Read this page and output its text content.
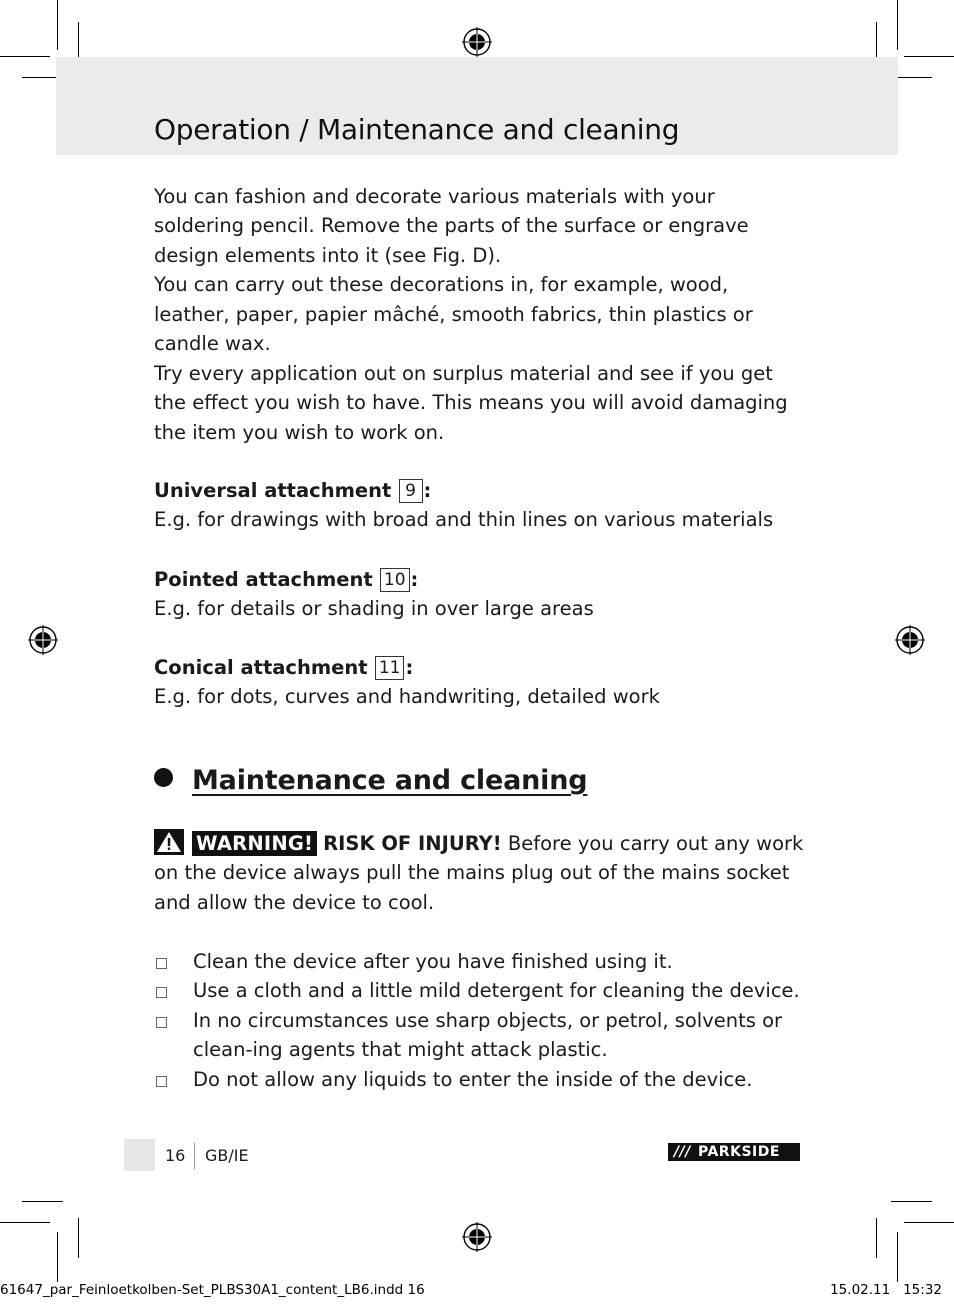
Operation / Maintenance and cleaning

You can fashion and decorate various materials with your soldering pencil. Remove the parts of the surface or engrave design elements into it (see Fig. D).

You can carry out these decorations in, for example, wood, leather, paper, papier mâché, smooth fabrics, thin plastics or candle wax.

Try every application out on surplus material and see if you get the effect you wish to have. This means you will avoid damaging the item you wish to work on.

Universal attachment 9 :

E.g. for drawings with broad and thin lines on various materials

Pointed attachment 10 :

E.g. for details or shading in over large areas

Conical attachment 11 :

E.g. for dots, curves and handwriting, detailed work

Maintenance and cleaning

WARNING! RISK OF INJURY! Before you carry out any work on the device always pull the mains plug out of the mains socket and allow the device to cool.

Clean the device after you have finished using it.
Use a cloth and a little mild detergent for cleaning the device.
In no circumstances use sharp objects, or petrol, solvents or clean-ing agents that might attack plastic.
Do not allow any liquids to enter the inside of the device.
16 GB/IE	/// PARKSIDE
61647_par_Feinloetkolben-Set_PLBS30A1_content_LB6.indd 16	15.02.11 15:32
